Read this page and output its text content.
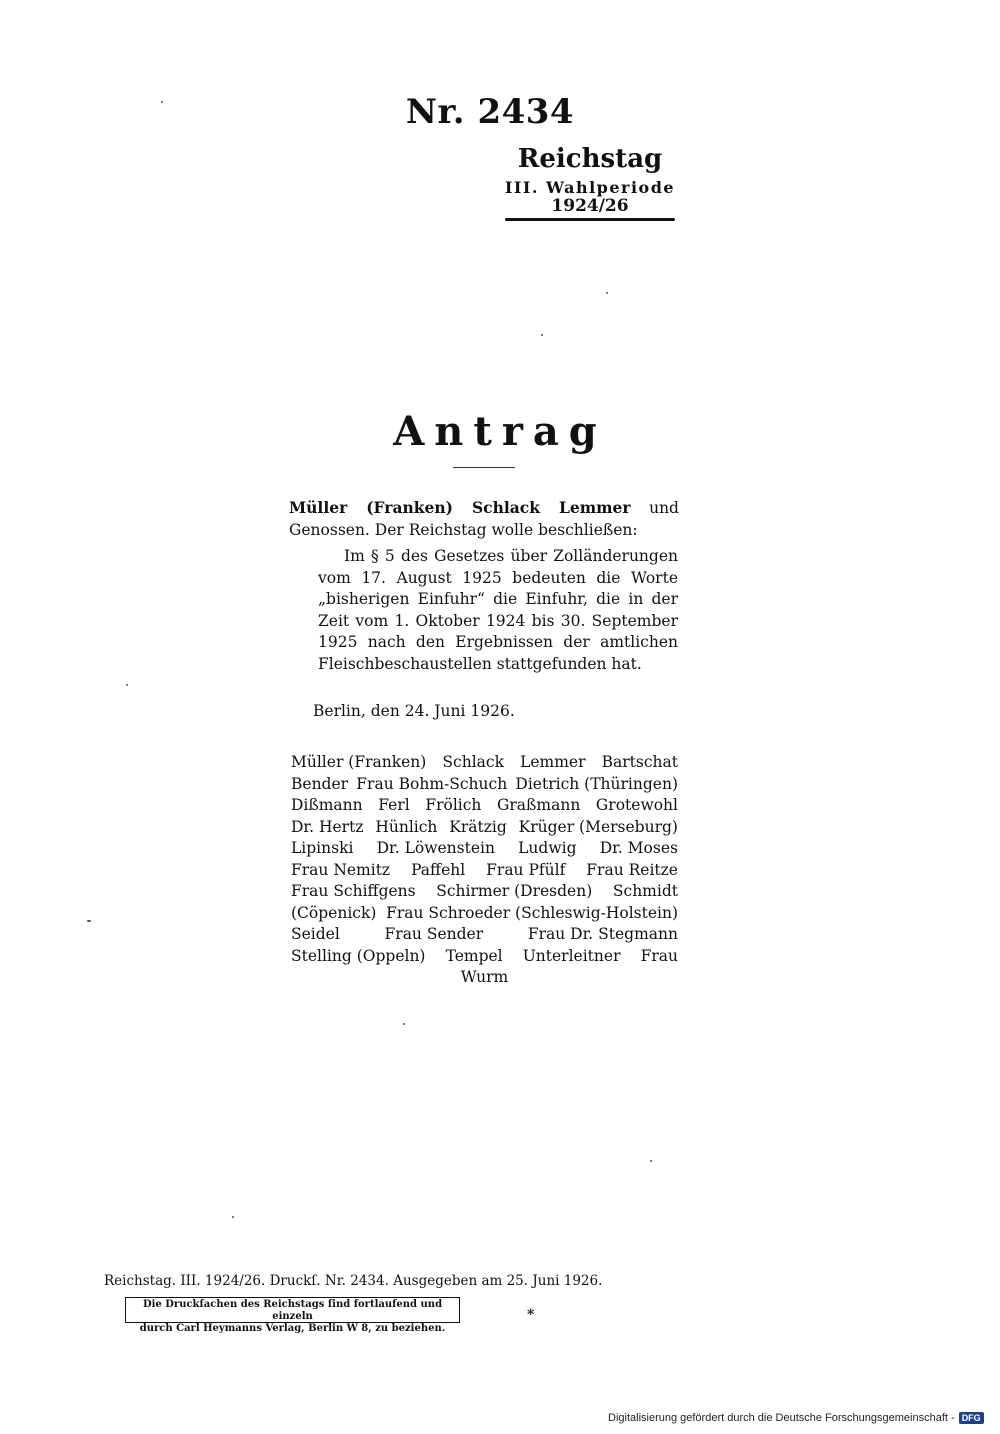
Nr. 2434
Reichstag
III. Wahlperiode
1924/26
Antrag
Müller (Franken) Schlack Lemmer und Genossen. Der Reichstag wolle beschließen:
Im § 5 des Gesetzes über Zolländerungen vom 17. August 1925 bedeuten die Worte „bisherigen Einfuhr“ die Einfuhr, die in der Zeit vom 1. Oktober 1924 bis 30. September 1925 nach den Ergebnissen der amtlichen Fleischbeschaustellen stattgefunden hat.
Berlin, den 24. Juni 1926.
Müller (Franken) Schlack Lemmer Bartschat
Bender Frau Bohm-Schuch Dietrich (Thüringen)
Dißmann Ferl Frölich Graßmann Grotewohl
Dr. Hertz Hünlich Krätzig Krüger (Merseburg)
Lipinski Dr. Löwenstein Ludwig Dr. Moses
Frau Nemitz Paffehl Frau Pfülf Frau Reitze
Frau Schiffgens Schirmer (Dresden) Schmidt
(Cöpenick) Frau Schroeder (Schleswig-Holstein)
Seidel	Frau Sender	Frau Dr. Stegmann
Stelling (Oppeln) Tempel Unterleitner Frau
Wurm
Reichstag. III. 1924/26. Druckſ. Nr. 2434. Ausgegeben am 25. Juni 1926.
Die Druckſachen des Reichstags ſind fortlaufend und einzeln
durch Carl Heymanns Verlag, Berlin W 8, zu beziehen.
*
Digitalisierung gefördert durch die Deutsche Forschungsgemeinschaft - DFG
